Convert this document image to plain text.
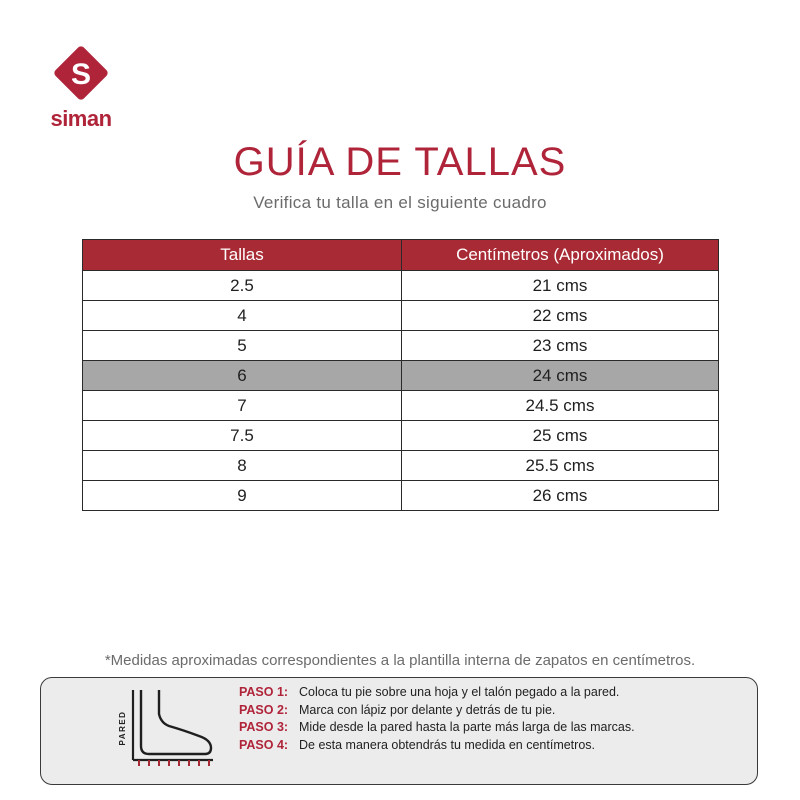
S
siman
GUÍA DE TALLAS
Verifica tu talla en el siguiente cuadro
Tallas	Centímetros (Aproximados)
2.5	21 cms
4	22 cms
5	23 cms
6	24 cms
7	24.5 cms
7.5	25 cms
8	25.5 cms
9	26 cms
*Medidas aproximadas correspondientes a la plantilla interna de zapatos en centímetros.
PARED
PASO 1: Coloca tu pie sobre una hoja y el talón pegado a la pared.
PASO 2: Marca con lápiz por delante y detrás de tu pie.
PASO 3: Mide desde la pared hasta la parte más larga de las marcas.
PASO 4: De esta manera obtendrás tu medida en centímetros.
